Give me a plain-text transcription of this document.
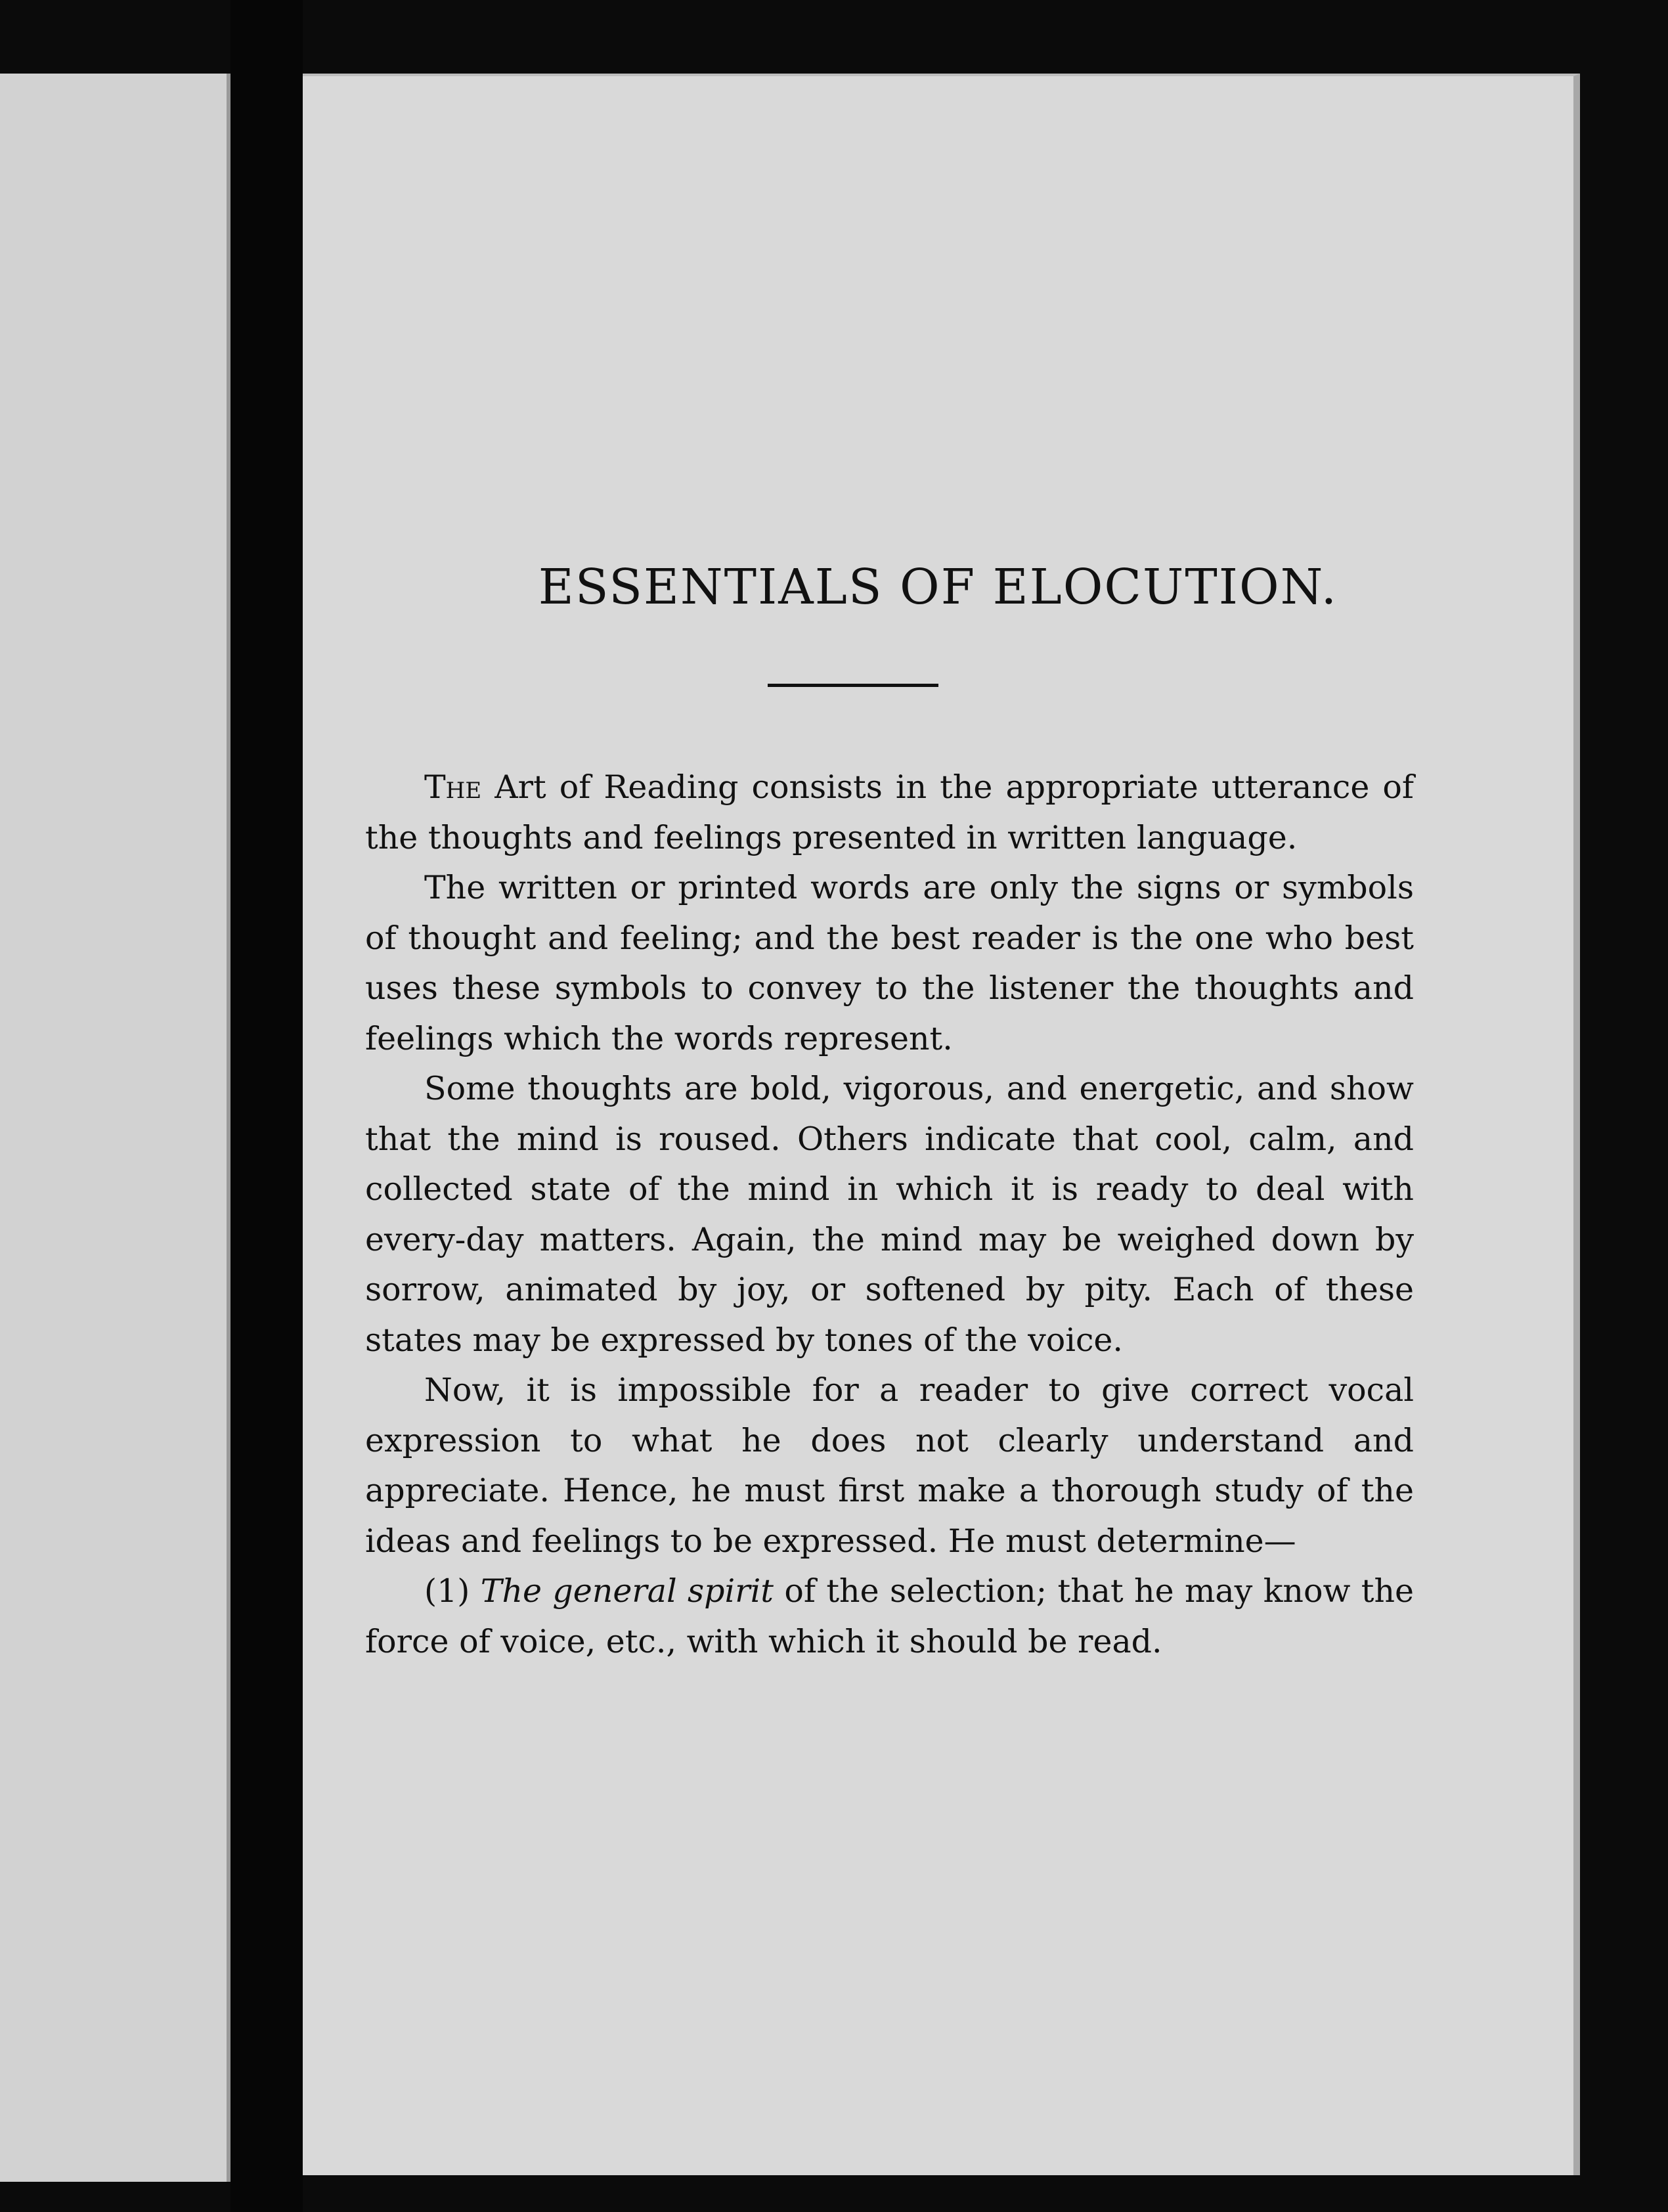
ESSENTIALS OF ELOCUTION.

The Art of Reading consists in the appropriate utterance of the thoughts and feelings presented in written language.

The written or printed words are only the signs or symbols of thought and feeling; and the best reader is the one who best uses these symbols to convey to the listener the thoughts and feelings which the words represent.

Some thoughts are bold, vigorous, and energetic, and show that the mind is roused. Others indicate that cool, calm, and collected state of the mind in which it is ready to deal with every-day matters. Again, the mind may be weighed down by sorrow, animated by joy, or softened by pity. Each of these states may be expressed by tones of the voice.

Now, it is impossible for a reader to give correct vocal expression to what he does not clearly understand and appreciate. Hence, he must first make a thorough study of the ideas and feelings to be expressed. He must determine—

(1) The general spirit of the selection; that he may know the force of voice, etc., with which it should be read.
